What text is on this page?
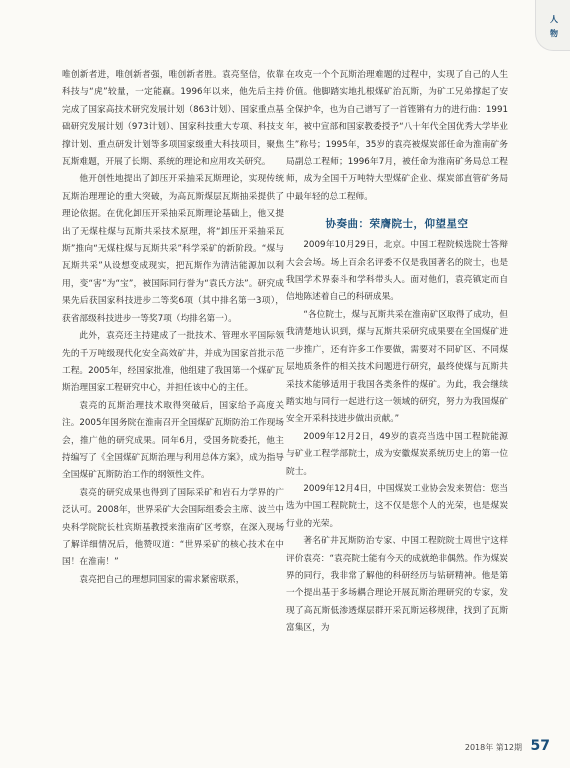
人
物

唯创新者进，唯创新者强，唯创新者胜。袁亮坚信，依靠科技与“虎”较量，一定能赢。1996年以来，他先后主持完成了国家高技术研究发展计划（863计划）、国家重点基础研究发展计划（973计划）、国家科技重大专项、科技支撑计划、重点研发计划等多项国家级重大科技项目，聚焦瓦斯难题，开展了长期、系统的理论和应用攻关研究。

他开创性地提出了卸压开采抽采瓦斯理论，实现传统瓦斯治理理论的重大突破，为高瓦斯煤层瓦斯抽采提供了理论依据。在优化卸压开采抽采瓦斯理论基础上，他又提出了无煤柱煤与瓦斯共采技术原理，将“卸压开采抽采瓦斯”推向“无煤柱煤与瓦斯共采”科学采矿的新阶段。“煤与瓦斯共采”从设想变成现实，把瓦斯作为清洁能源加以利用，变“害”为“宝”，被国际同行誉为“袁氏方法”。研究成果先后获国家科技进步二等奖6项（其中排名第一3项），获省部级科技进步一等奖7项（均排名第一）。

此外，袁亮还主持建成了一批技术、管理水平国际领先的千万吨级现代化安全高效矿井，并成为国家首批示范工程。2005年，经国家批准，他组建了我国第一个煤矿瓦斯治理国家工程研究中心，并担任该中心的主任。

袁亮的瓦斯治理技术取得突破后，国家给予高度关注。2005年国务院在淮南召开全国煤矿瓦斯防治工作现场会，推广他的研究成果。同年6月，受国务院委托，他主持编写了《全国煤矿瓦斯治理与利用总体方案》，成为指导全国煤矿瓦斯防治工作的纲领性文件。

袁亮的研究成果也得到了国际采矿和岩石力学界的广泛认可。2008年，世界采矿大会国际组委会主席、波兰中央科学院院长杜宾斯基教授来淮南矿区考察，在深入现场了解详细情况后，他赞叹道：“世界采矿的核心技术在中国！在淮南！”

袁亮把自己的理想同国家的需求紧密联系，

在攻克一个个瓦斯治理难题的过程中，实现了自己的人生价值。他脚踏实地扎根煤矿治瓦斯，为矿工兄弟撑起了安全保护伞，也为自己谱写了一首铿锵有力的进行曲：1991年，被中宣部和国家教委授予“八十年代全国优秀大学毕业生”称号；1995年，35岁的袁亮被煤炭部任命为淮南矿务局副总工程师；1996年7月，被任命为淮南矿务局总工程师，成为全国千万吨特大型煤矿企业、煤炭部直管矿务局中最年轻的总工程师。

协奏曲：荣膺院士，仰望星空

2009年10月29日，北京。中国工程院候选院士答辩大会会场。场上百余名评委不仅是我国著名的院士，也是我国学术界泰斗和学科带头人。面对他们，袁亮镇定而自信地陈述着自己的科研成果。

“各位院士，煤与瓦斯共采在淮南矿区取得了成功，但我清楚地认识到，煤与瓦斯共采研究成果要在全国煤矿进一步推广，还有许多工作要做，需要对不同矿区、不同煤层地质条件的相关技术问题进行研究，最终使煤与瓦斯共采技术能够适用于我国各类条件的煤矿。为此，我会继续踏实地与同行一起进行这一领域的研究，努力为我国煤矿安全开采科技进步做出贡献。”

2009年12月2日，49岁的袁亮当选中国工程院能源与矿业工程学部院士，成为安徽煤炭系统历史上的第一位院士。

2009年12月4日，中国煤炭工业协会发来贺信：您当选为中国工程院院士，这不仅是您个人的光荣，也是煤炭行业的光荣。

著名矿井瓦斯防治专家、中国工程院院士周世宁这样评价袁亮：“袁亮院士能有今天的成就绝非偶然。作为煤炭界的同行，我非常了解他的科研经历与钻研精神。他是第一个提出基于多场耦合理论开展瓦斯治理研究的专家，发现了高瓦斯低渗透煤层群开采瓦斯运移规律，找到了瓦斯富集区，为

2018年 第12期 57
